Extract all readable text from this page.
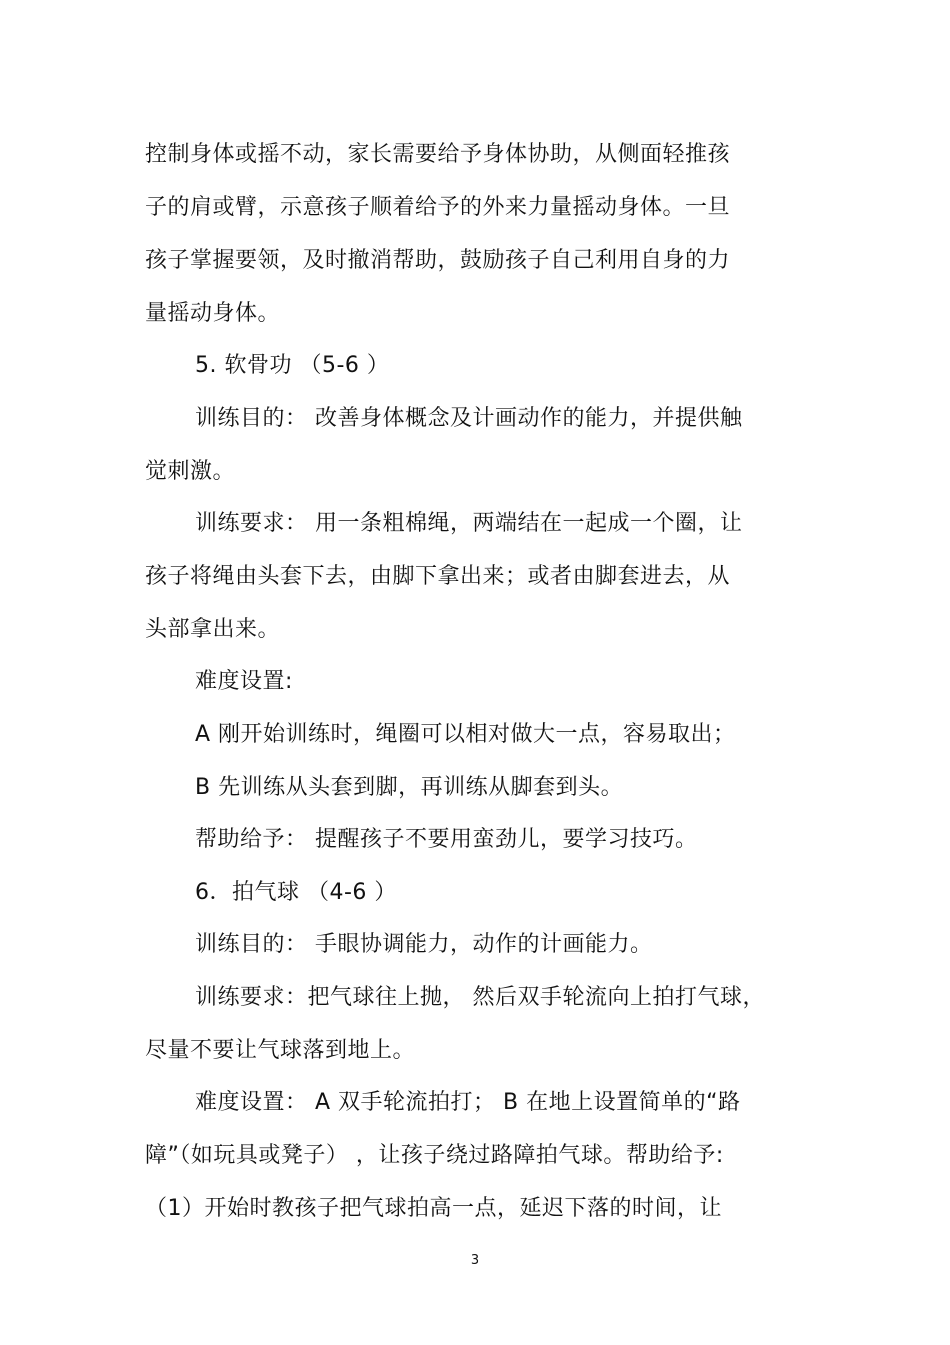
控制身体或摇不动，家长需要给予身体协助，从侧面轻推孩
子的肩或臂，示意孩子顺着给予的外来力量摇动身体。一旦
孩子掌握要领，及时撤消帮助，鼓励孩子自己利用自身的力
量摇动身体。
5. 软骨功 （5-6 ）
训练目的： 改善身体概念及计画动作的能力，并提供触
觉刺激。
训练要求： 用一条粗棉绳，两端结在一起成一个圈，让
孩子将绳由头套下去，由脚下拿出来；或者由脚套进去，从
头部拿出来。
难度设置:
A 刚开始训练时，绳圈可以相对做大一点，容易取出；
B 先训练从头套到脚，再训练从脚套到头。
帮助给予： 提醒孩子不要用蛮劲儿，要学习技巧。
6．拍气球 （4-6 ）
训练目的： 手眼协调能力，动作的计画能力。
训练要求：把气球往上抛， 然后双手轮流向上拍打气球，
尽量不要让气球落到地上。
难度设置： A 双手轮流拍打； B 在地上设置简单的“路
障”（如玩具或凳子） ，让孩子绕过路障拍气球。帮助给予:
（1）开始时教孩子把气球拍高一点，延迟下落的时间，让
3
